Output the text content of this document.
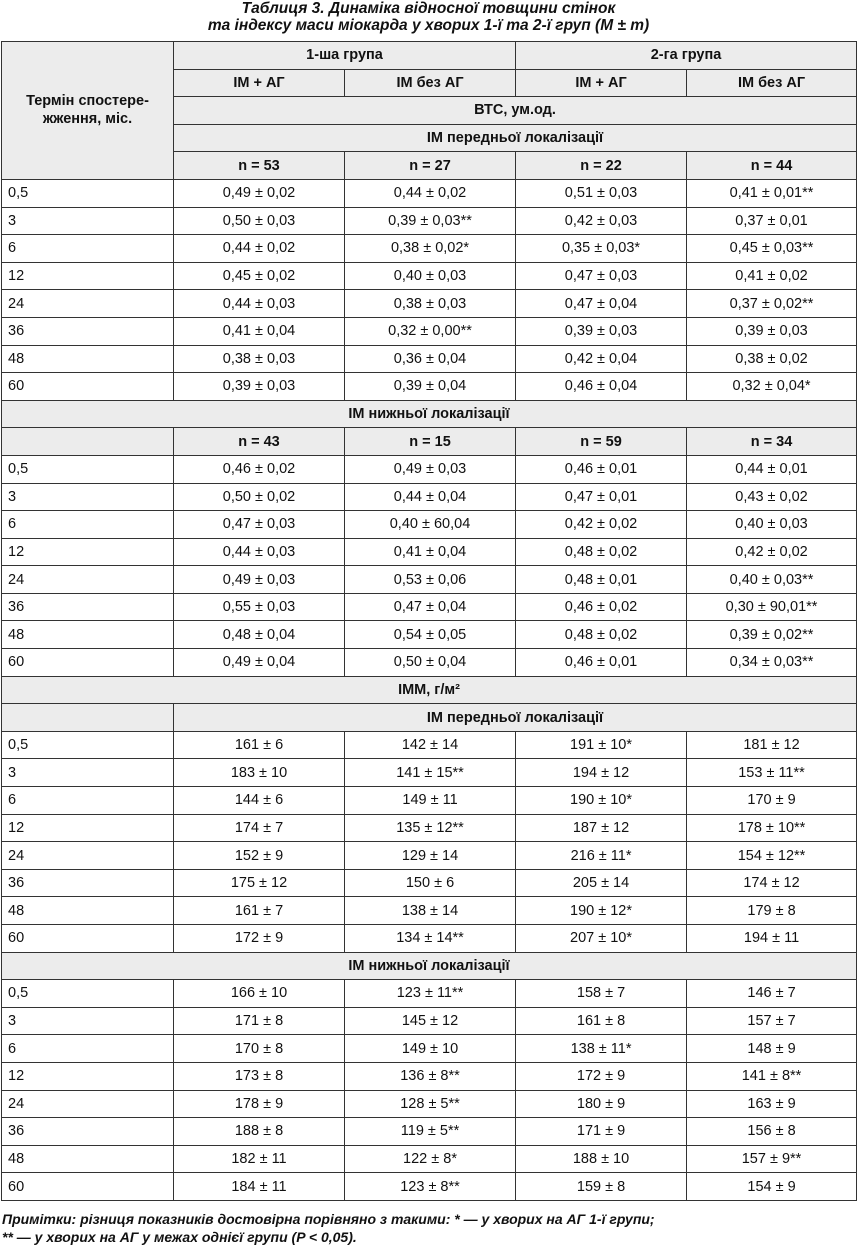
Таблиця 3. Динаміка відносної товщини стінок
та індексу маси міокарда у хворих 1-ї та 2-ї груп (М ± m)
Термін спостере-жження, міс.	1-ша група		2-га група	
	ІМ + АГ	ІМ без АГ	ІМ + АГ	ІМ без АГ
	ВТС, ум.од.			
	ІМ передньої локалізації			
	n = 53	n = 27	n = 22	n = 44
0,5	0,49 ± 0,02	0,44 ± 0,02	0,51 ± 0,03	0,41 ± 0,01**
3	0,50 ± 0,03	0,39 ± 0,03**	0,42 ± 0,03	0,37 ± 0,01
6	0,44 ± 0,02	0,38 ± 0,02*	0,35 ± 0,03*	0,45 ± 0,03**
12	0,45 ± 0,02	0,40 ± 0,03	0,47 ± 0,03	0,41 ± 0,02
24	0,44 ± 0,03	0,38 ± 0,03	0,47 ± 0,04	0,37 ± 0,02**
36	0,41 ± 0,04	0,32 ± 0,00**	0,39 ± 0,03	0,39 ± 0,03
48	0,38 ± 0,03	0,36 ± 0,04	0,42 ± 0,04	0,38 ± 0,02
60	0,39 ± 0,03	0,39 ± 0,04	0,46 ± 0,04	0,32 ± 0,04*
ІМ нижньої локалізації				
	n = 43	n = 15	n = 59	n = 34
0,5	0,46 ± 0,02	0,49 ± 0,03	0,46 ± 0,01	0,44 ± 0,01
3	0,50 ± 0,02	0,44 ± 0,04	0,47 ± 0,01	0,43 ± 0,02
6	0,47 ± 0,03	0,40 ± 60,04	0,42 ± 0,02	0,40 ± 0,03
12	0,44 ± 0,03	0,41 ± 0,04	0,48 ± 0,02	0,42 ± 0,02
24	0,49 ± 0,03	0,53 ± 0,06	0,48 ± 0,01	0,40 ± 0,03**
36	0,55 ± 0,03	0,47 ± 0,04	0,46 ± 0,02	0,30 ± 90,01**
48	0,48 ± 0,04	0,54 ± 0,05	0,48 ± 0,02	0,39 ± 0,02**
60	0,49 ± 0,04	0,50 ± 0,04	0,46 ± 0,01	0,34 ± 0,03**
ІММ, г/м²				
	ІМ передньої локалізації			
0,5	161 ± 6	142 ± 14	191 ± 10*	181 ± 12
3	183 ± 10	141 ± 15**	194 ± 12	153 ± 11**
6	144 ± 6	149 ± 11	190 ± 10*	170 ± 9
12	174 ± 7	135 ± 12**	187 ± 12	178 ± 10**
24	152 ± 9	129 ± 14	216 ± 11*	154 ± 12**
36	175 ± 12	150 ± 6	205 ± 14	174 ± 12
48	161 ± 7	138 ± 14	190 ± 12*	179 ± 8
60	172 ± 9	134 ± 14**	207 ± 10*	194 ± 11
ІМ нижньої локалізації				
0,5	166 ± 10	123 ± 11**	158 ± 7	146 ± 7
3	171 ± 8	145 ± 12	161 ± 8	157 ± 7
6	170 ± 8	149 ± 10	138 ± 11*	148 ± 9
12	173 ± 8	136 ± 8**	172 ± 9	141 ± 8**
24	178 ± 9	128 ± 5**	180 ± 9	163 ± 9
36	188 ± 8	119 ± 5**	171 ± 9	156 ± 8
48	182 ± 11	122 ± 8*	188 ± 10	157 ± 9**
60	184 ± 11	123 ± 8**	159 ± 8	154 ± 9
Примітки: різниця показників достовірна порівняно з такими: * — у хворих на АГ 1-ї групи;
** — у хворих на АГ у межах однієї групи (P < 0,05).
